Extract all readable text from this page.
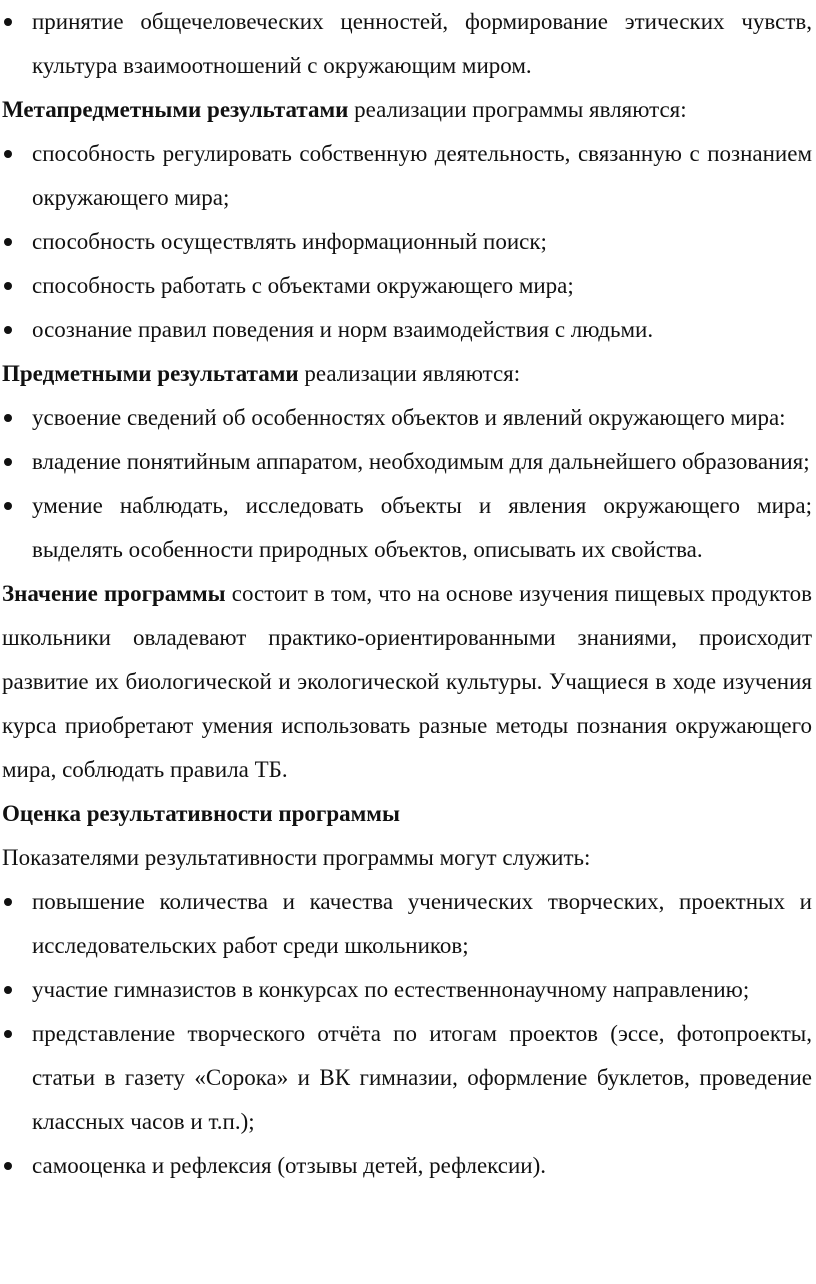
принятие общечеловеческих ценностей, формирование этических чувств, культура взаимоотношений с окружающим миром.

Метапредметными результатами реализации программы являются:

способность регулировать собственную деятельность, связанную с познанием окружающего мира;

способность осуществлять информационный поиск;

способность работать с объектами окружающего мира;

осознание правил поведения и норм взаимодействия с людьми.

Предметными результатами реализации являются:

усвоение сведений об особенностях объектов и явлений окружающего мира:

владение понятийным аппаратом, необходимым для дальнейшего образования;

умение наблюдать, исследовать объекты и явления окружающего мира; выделять особенности природных объектов, описывать их свойства.

Значение программы состоит в том, что на основе изучения пищевых продуктов школьники овладевают практико-ориентированными знаниями, происходит развитие их биологической и экологической культуры. Учащиеся в ходе изучения курса приобретают умения использовать разные методы познания окружающего мира, соблюдать правила ТБ.

Оценка результативности программы

Показателями результативности программы могут служить:

повышение количества и качества ученических творческих, проектных и исследовательских работ среди школьников;

участие гимназистов в конкурсах по естественнонаучному направлению;

представление творческого отчёта по итогам проектов (эссе, фотопроекты, статьи в газету «Сорока» и ВК гимназии, оформление буклетов, проведение классных часов и т.п.);

самооценка и рефлексия (отзывы детей, рефлексии).
